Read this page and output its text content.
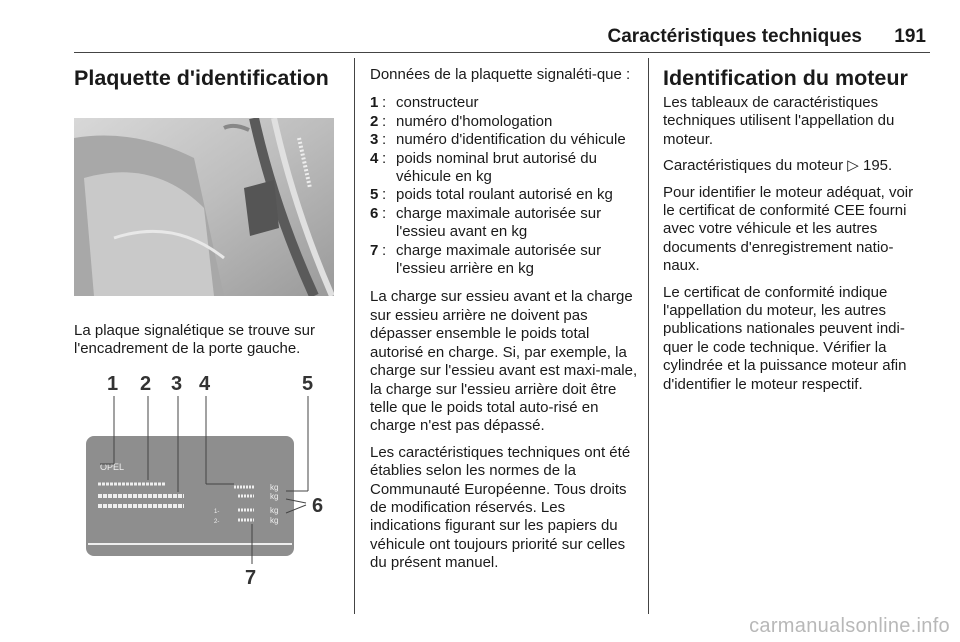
Caractéristiques techniques 191
Plaquette d'identification

La plaque signalétique se trouve sur l'encadrement de la porte gauche.

OPEL
1-
2-
kg
kg
kg
kg
1 2 3 4	5
6
7

Données de la plaquette signaléti-que :

1 : constructeur
2 : numéro d'homologation
3 : numéro d'identification du véhicule
4 : poids nominal brut autorisé du véhicule en kg
5 : poids total roulant autorisé en kg
6 : charge maximale autorisée sur l'essieu avant en kg
7 : charge maximale autorisée sur l'essieu arrière en kg

La charge sur essieu avant et la charge sur essieu arrière ne doivent pas dépasser ensemble le poids total autorisé en charge. Si, par exemple, la charge sur l'essieu avant est maxi-male, la charge sur l'essieu arrière doit être telle que le poids total auto-risé en charge n'est pas dépassé.

Les caractéristiques techniques ont été établies selon les normes de la Communauté Européenne. Tous droits de modification réservés. Les indications figurant sur les papiers du véhicule ont toujours priorité sur celles du présent manuel.

Identification du moteur

Les tableaux de caractéristiques techniques utilisent l'appellation du moteur.

Caractéristiques du moteur ▷ 195.

Pour identifier le moteur adéquat, voir le certificat de conformité CEE fourni avec votre véhicule et les autres documents d'enregistrement natio-naux.

Le certificat de conformité indique l'appellation du moteur, les autres publications nationales peuvent indi-quer le code technique. Vérifier la cylindrée et la puissance moteur afin d'identifier le moteur respectif.

carmanualsonline.info
